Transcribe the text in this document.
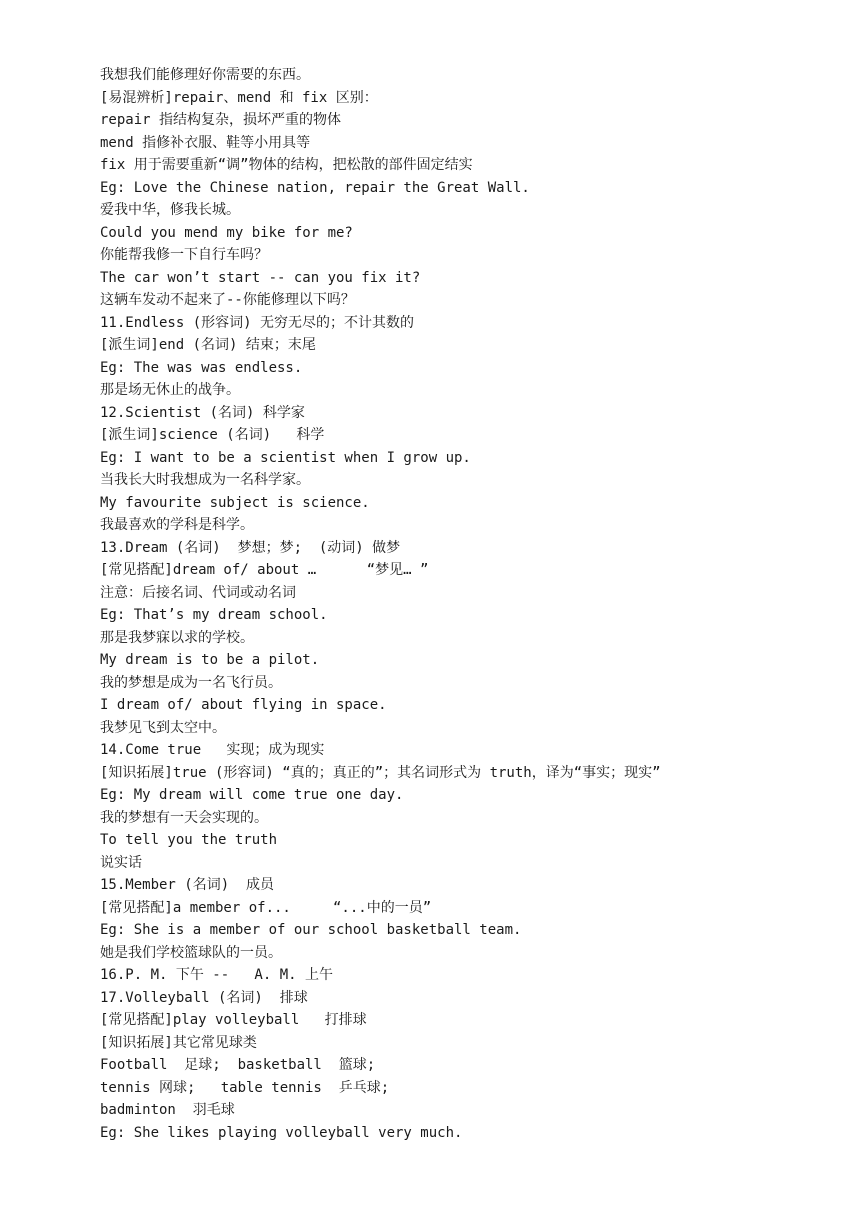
我想我们能修理好你需要的东西。
[易混辨析]repair、mend 和 fix 区别：
repair 指结构复杂，损坏严重的物体
mend 指修补衣服、鞋等小用具等
fix 用于需要重新“调”物体的结构，把松散的部件固定结实
Eg: Love the Chinese nation, repair the Great Wall.
爱我中华，修我长城。
Could you mend my bike for me?
你能帮我修一下自行车吗？
The car won’t start -- can you fix it?
这辆车发动不起来了--你能修理以下吗？
11.Endless (形容词) 无穷无尽的；不计其数的
[派生词]end (名词) 结束；末尾
Eg: The was was endless.
那是场无休止的战争。
12.Scientist (名词) 科学家
[派生词]science (名词)   科学
Eg: I want to be a scientist when I grow up.
当我长大时我想成为一名科学家。
My favourite subject is science.
我最喜欢的学科是科学。
13.Dream (名词)  梦想；梦;  (动词) 做梦
[常见搭配]dream of/ about …      “梦见… ”
注意：后接名词、代词或动名词
Eg: That’s my dream school.
那是我梦寐以求的学校。
My dream is to be a pilot.
我的梦想是成为一名飞行员。
I dream of/ about flying in space.
我梦见飞到太空中。
14.Come true   实现；成为现实
[知识拓展]true (形容词) “真的；真正的”；其名词形式为 truth，译为“事实；现实”
Eg: My dream will come true one day.
我的梦想有一天会实现的。
To tell you the truth
说实话
15.Member (名词)  成员
[常见搭配]a member of...     “...中的一员”
Eg: She is a member of our school basketball team.
她是我们学校篮球队的一员。
16.P. M. 下午 --   A. M. 上午
17.Volleyball (名词)  排球
[常见搭配]play volleyball   打排球
[知识拓展]其它常见球类
Football  足球;  basketball  篮球;
tennis 网球;   table tennis  乒乓球;
badminton  羽毛球
Eg: She likes playing volleyball very much.
